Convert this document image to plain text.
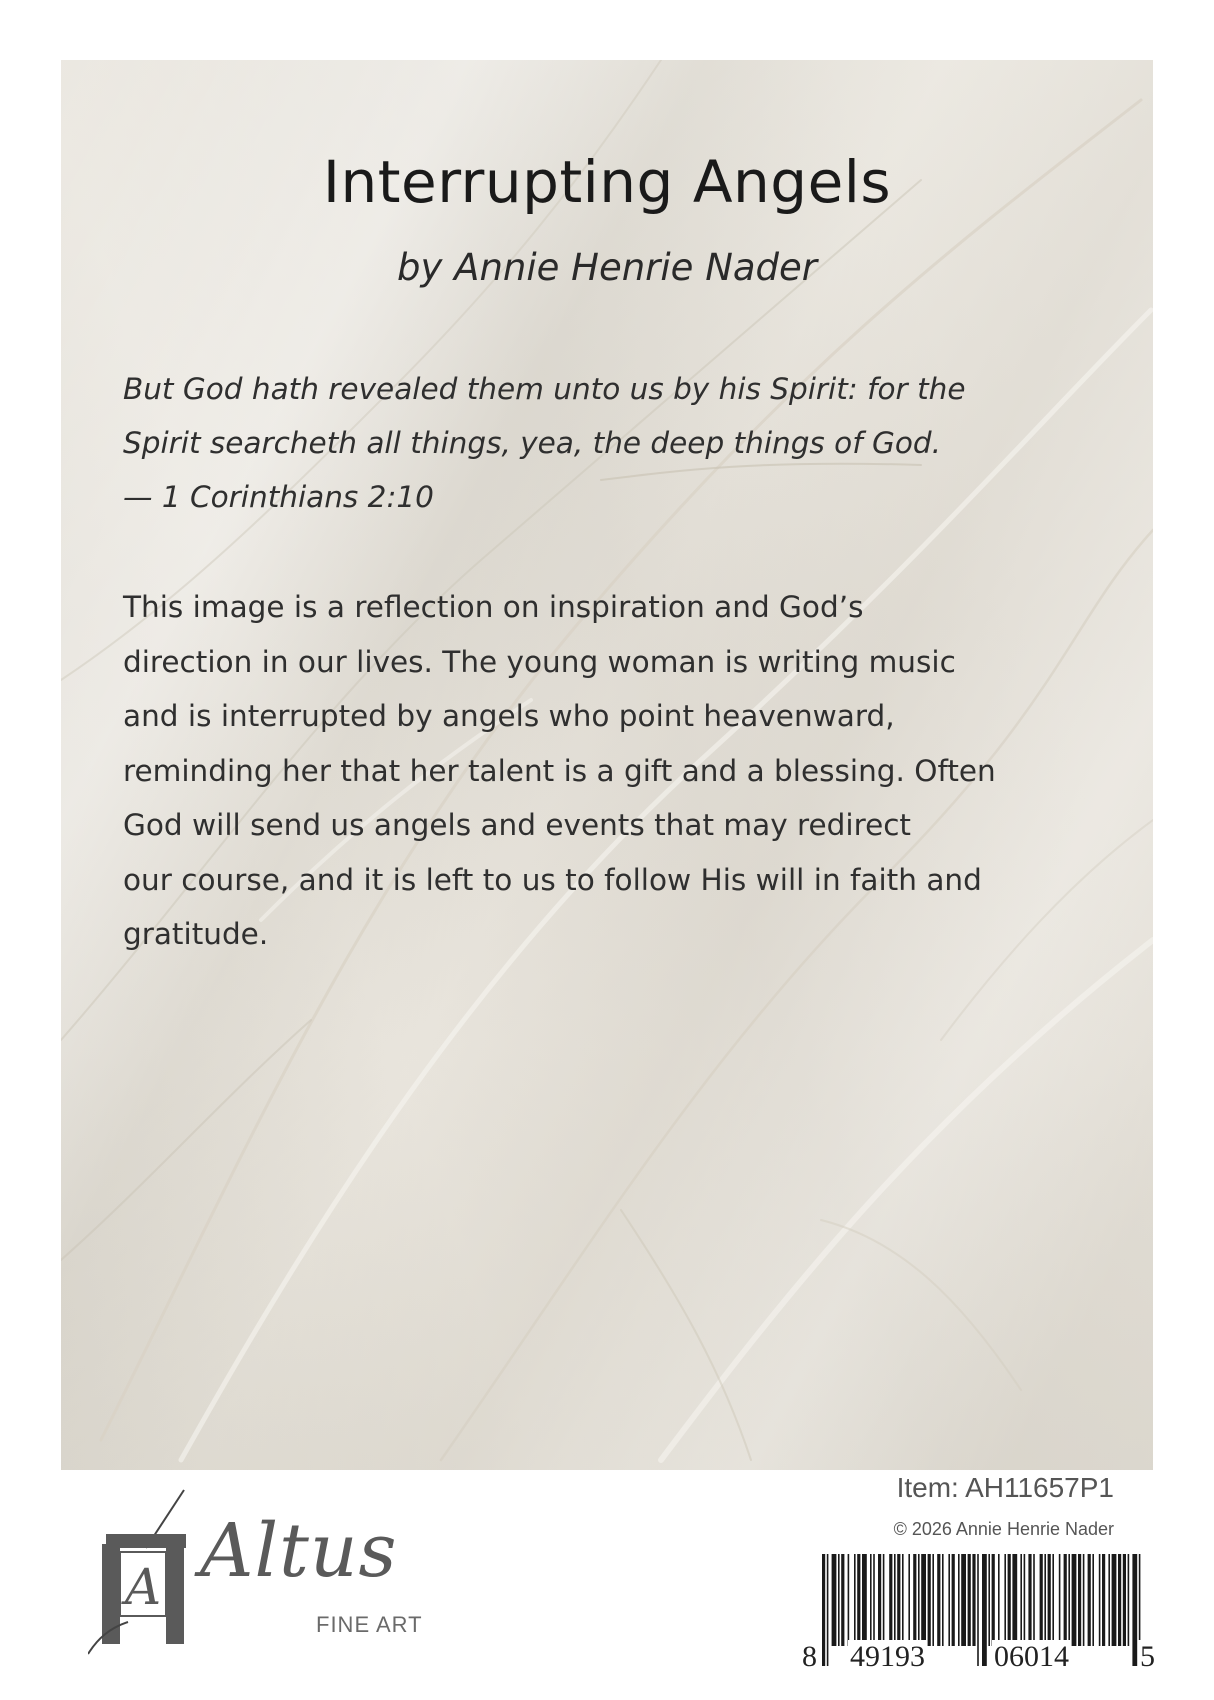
Interrupting Angels

by Annie Henrie Nader

But God hath revealed them unto us by his Spirit: for the
Spirit searcheth all things, yea, the deep things of God.
— 1 Corinthians 2:10
This image is a reflection on inspiration and God’s
direction in our lives. The young woman is writing music
and is interrupted by angels who point heavenward,
reminding her that her talent is a gift and a blessing. Often
God will send us angels and events that may redirect
our course, and it is left to us to follow His will in faith and
gratitude.
A Altus
FINE ART
Item: AH11657P1
© 2026 Annie Henrie Nader
8 49193 06014 5
